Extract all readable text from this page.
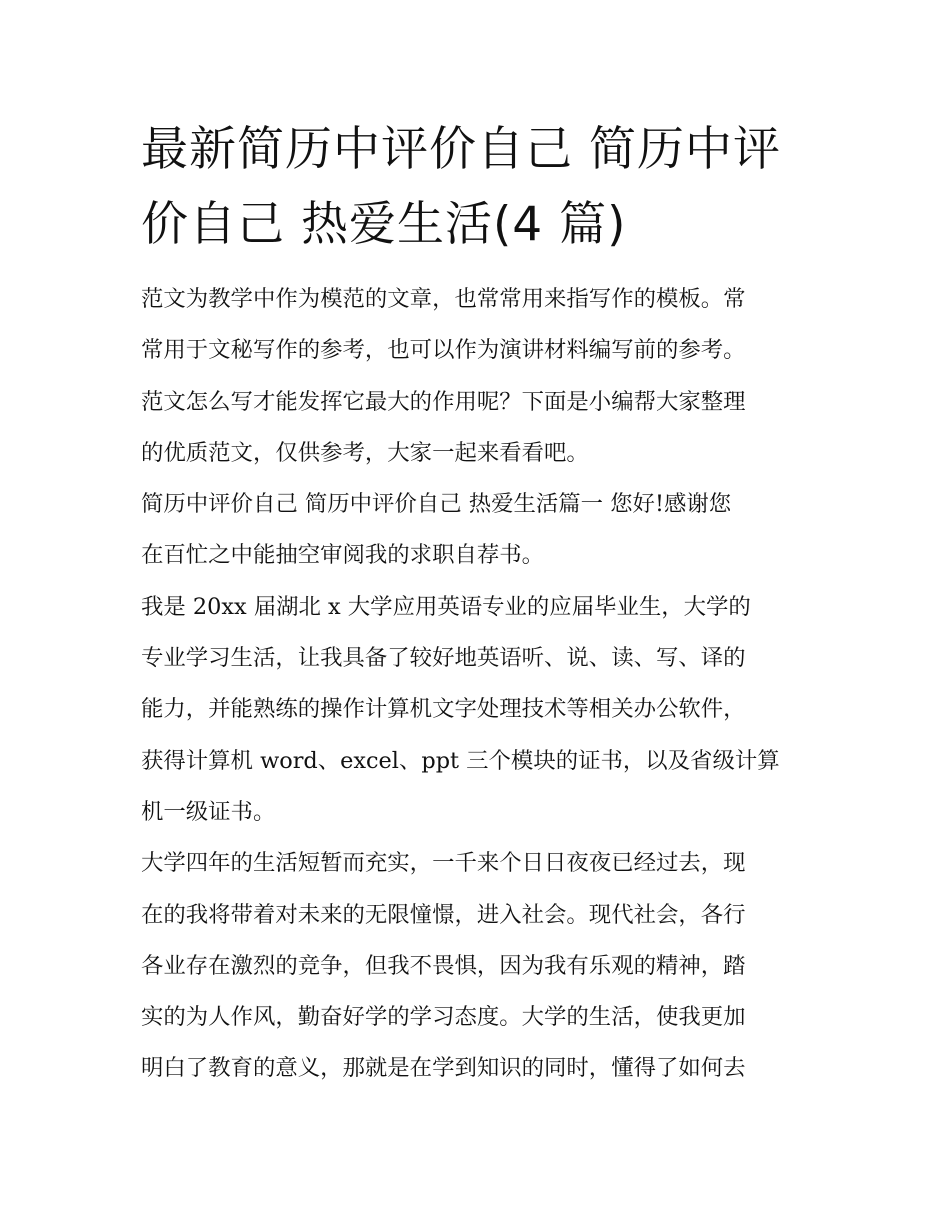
最新简历中评价自己 简历中评
价自己 热爱生活(4 篇)
范文为教学中作为模范的文章，也常常用来指写作的模板。常
常用于文秘写作的参考，也可以作为演讲材料编写前的参考。
范文怎么写才能发挥它最大的作用呢？下面是小编帮大家整理
的优质范文，仅供参考，大家一起来看看吧。
简历中评价自己 简历中评价自己 热爱生活篇一 您好!感谢您
在百忙之中能抽空审阅我的求职自荐书。
我是 20xx 届湖北 x 大学应用英语专业的应届毕业生，大学的
专业学习生活，让我具备了较好地英语听、说、读、写、译的
能力，并能熟练的操作计算机文字处理技术等相关办公软件，
获得计算机 word、excel、ppt 三个模块的证书，以及省级计算
机一级证书。
大学四年的生活短暂而充实，一千来个日日夜夜已经过去，现
在的我将带着对未来的无限憧憬，进入社会。现代社会，各行
各业存在激烈的竞争，但我不畏惧，因为我有乐观的精神，踏
实的为人作风，勤奋好学的学习态度。大学的生活，使我更加
明白了教育的意义，那就是在学到知识的同时，懂得了如何去
